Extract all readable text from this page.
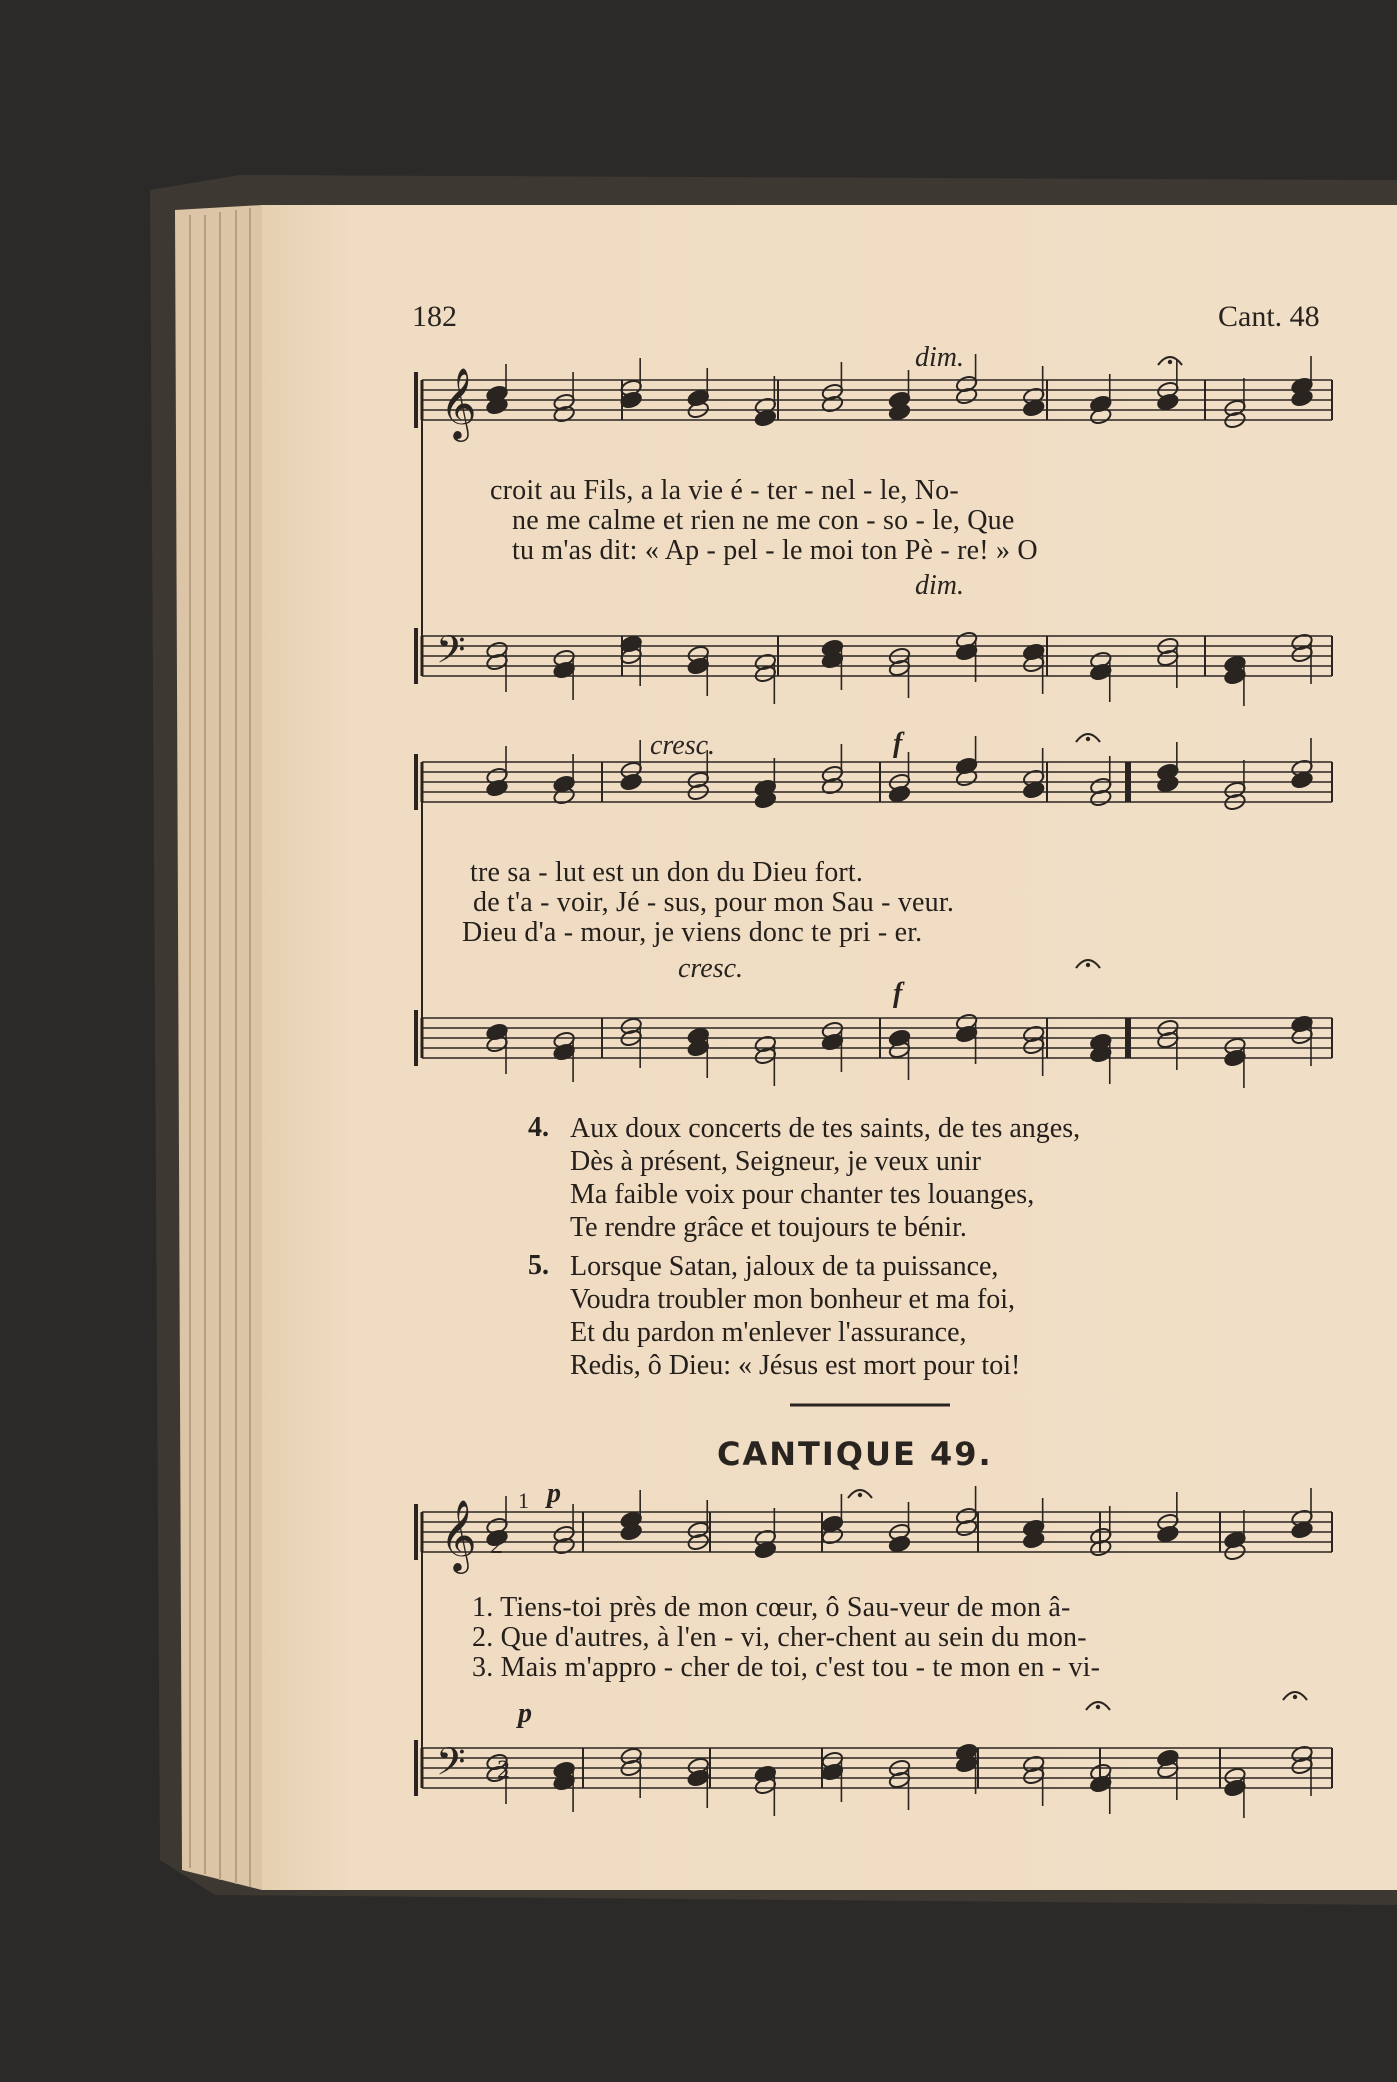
𝄞
𝄢
𝄞
𝄢
182	Cant. 48
dim.
croit au Fils, a la vie é - ter - nel - le, No-
ne me calme et rien ne me con - so - le, Que
tu m'as dit: « Ap - pel - le moi ton Pè - re! » O
dim.
cresc.	f
tre sa - lut est un don du Dieu fort.
de t'a - voir, Jé - sus, pour mon Sau - veur.
Dieu d'a - mour, je viens donc te pri - er.
cresc.
f
4. Aux doux concerts de tes saints, de tes anges,
Dès à présent, Seigneur, je veux unir
Ma faible voix pour chanter tes louanges,
Te rendre grâce et toujours te bénir.
5. Lorsque Satan, jaloux de ta puissance,
Voudra troubler mon bonheur et ma foi,
Et du pardon m'enlever l'assurance,
Redis, ô Dieu: « Jésus est mort pour toi!
CANTIQUE 49.
1 p
2
1. Tiens-toi près de mon cœur, ô Sau-veur de mon â-
2. Que d'autres, à l'en - vi, cher-chent au sein du mon-
3. Mais m'appro - cher de toi, c'est tou - te mon en - vi-
p
2
